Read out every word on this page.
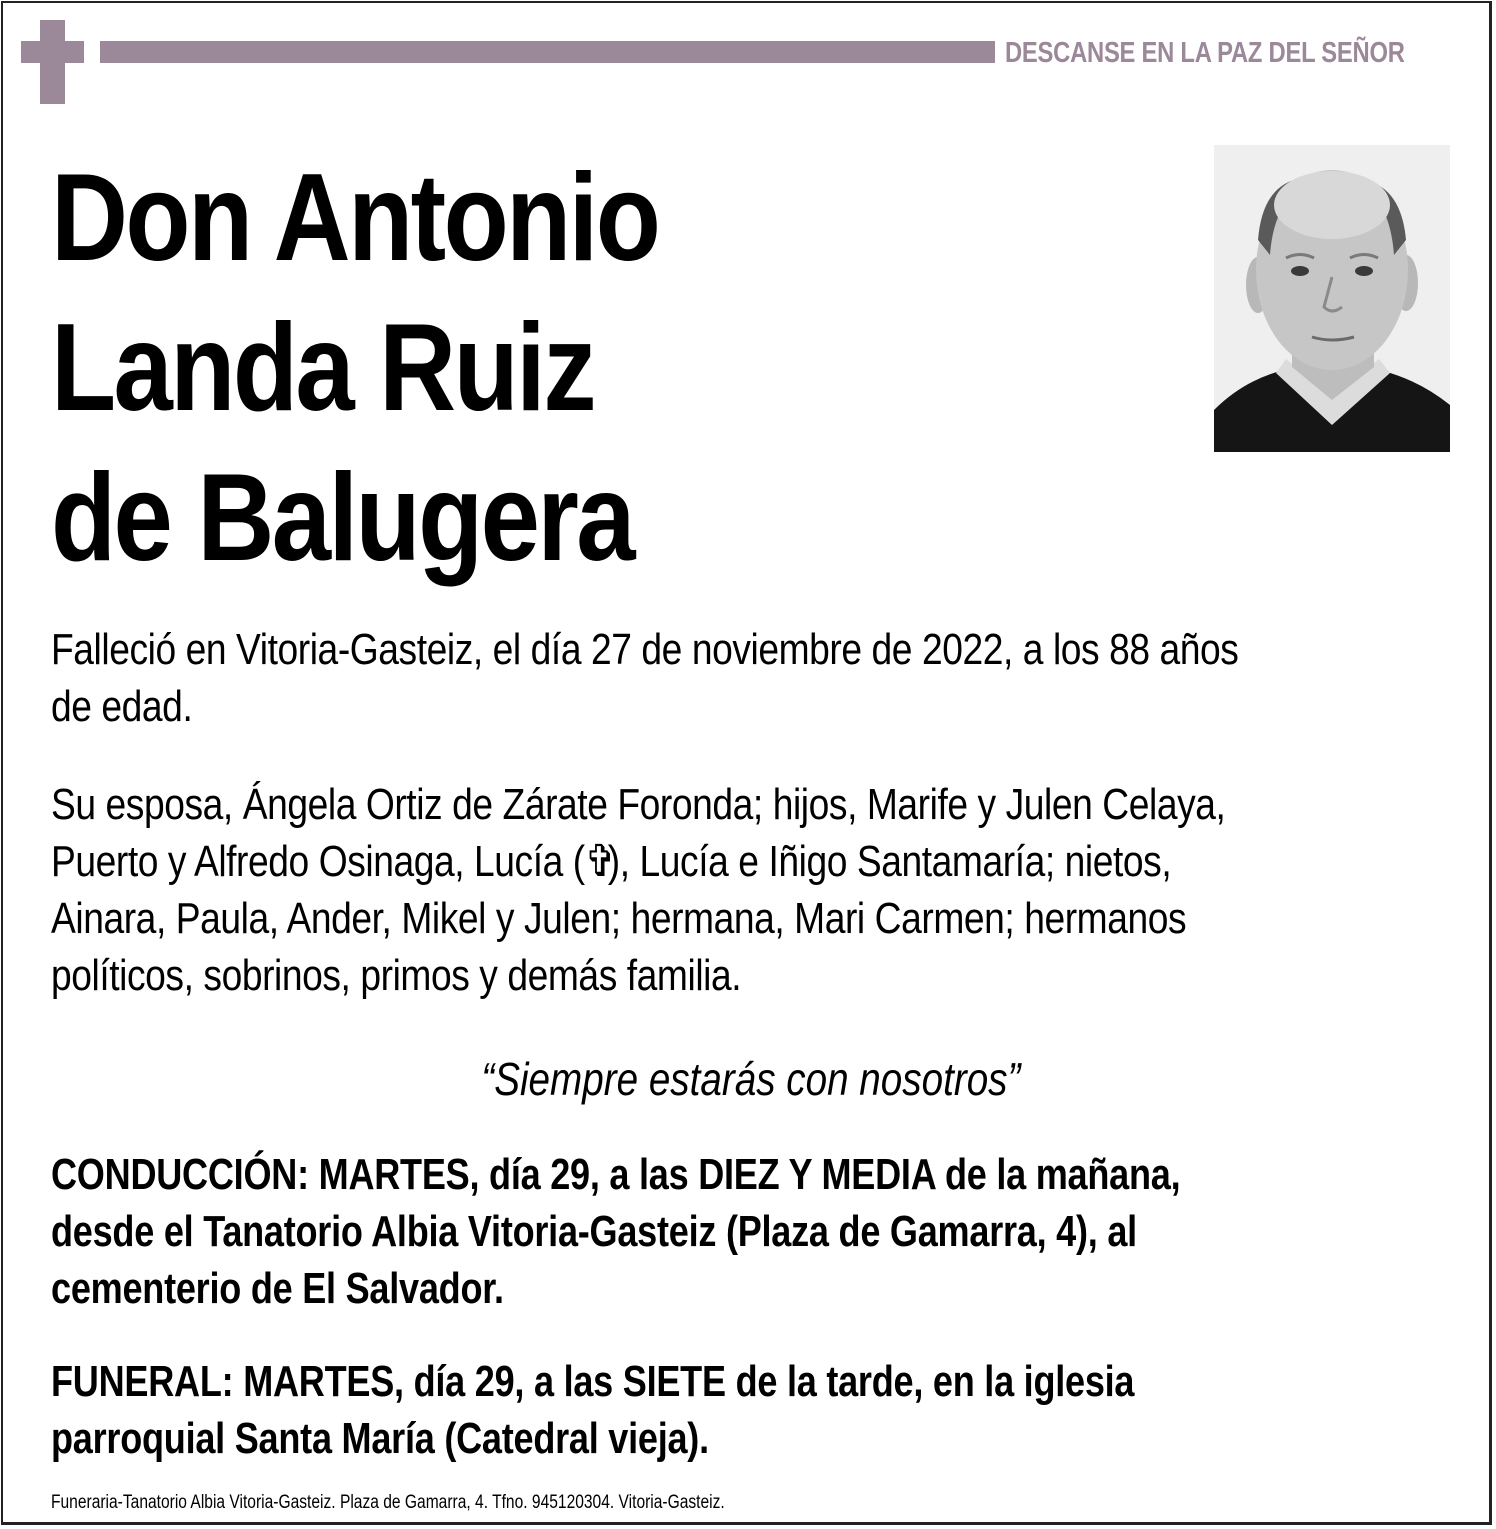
DESCANSE EN LA PAZ DEL SEÑOR
Don Antonio
Landa Ruiz
de Balugera
Falleció en Vitoria-Gasteiz, el día 27 de noviembre de 2022, a los 88 años
de edad.
Su esposa, Ángela Ortiz de Zárate Foronda; hijos, Marife y Julen Celaya,
Puerto y Alfredo Osinaga, Lucía (✞), Lucía e Iñigo Santamaría; nietos,
Ainara, Paula, Ander, Mikel y Julen; hermana, Mari Carmen; hermanos
políticos, sobrinos, primos y demás familia.
“Siempre estarás con nosotros”
CONDUCCIÓN: MARTES, día 29, a las DIEZ Y MEDIA de la mañana,
desde el Tanatorio Albia Vitoria-Gasteiz (Plaza de Gamarra, 4), al
cementerio de El Salvador.
FUNERAL: MARTES, día 29, a las SIETE de la tarde, en la iglesia
parroquial Santa María (Catedral vieja).
Funeraria-Tanatorio Albia Vitoria-Gasteiz. Plaza de Gamarra, 4. Tfno. 945120304. Vitoria-Gasteiz.
